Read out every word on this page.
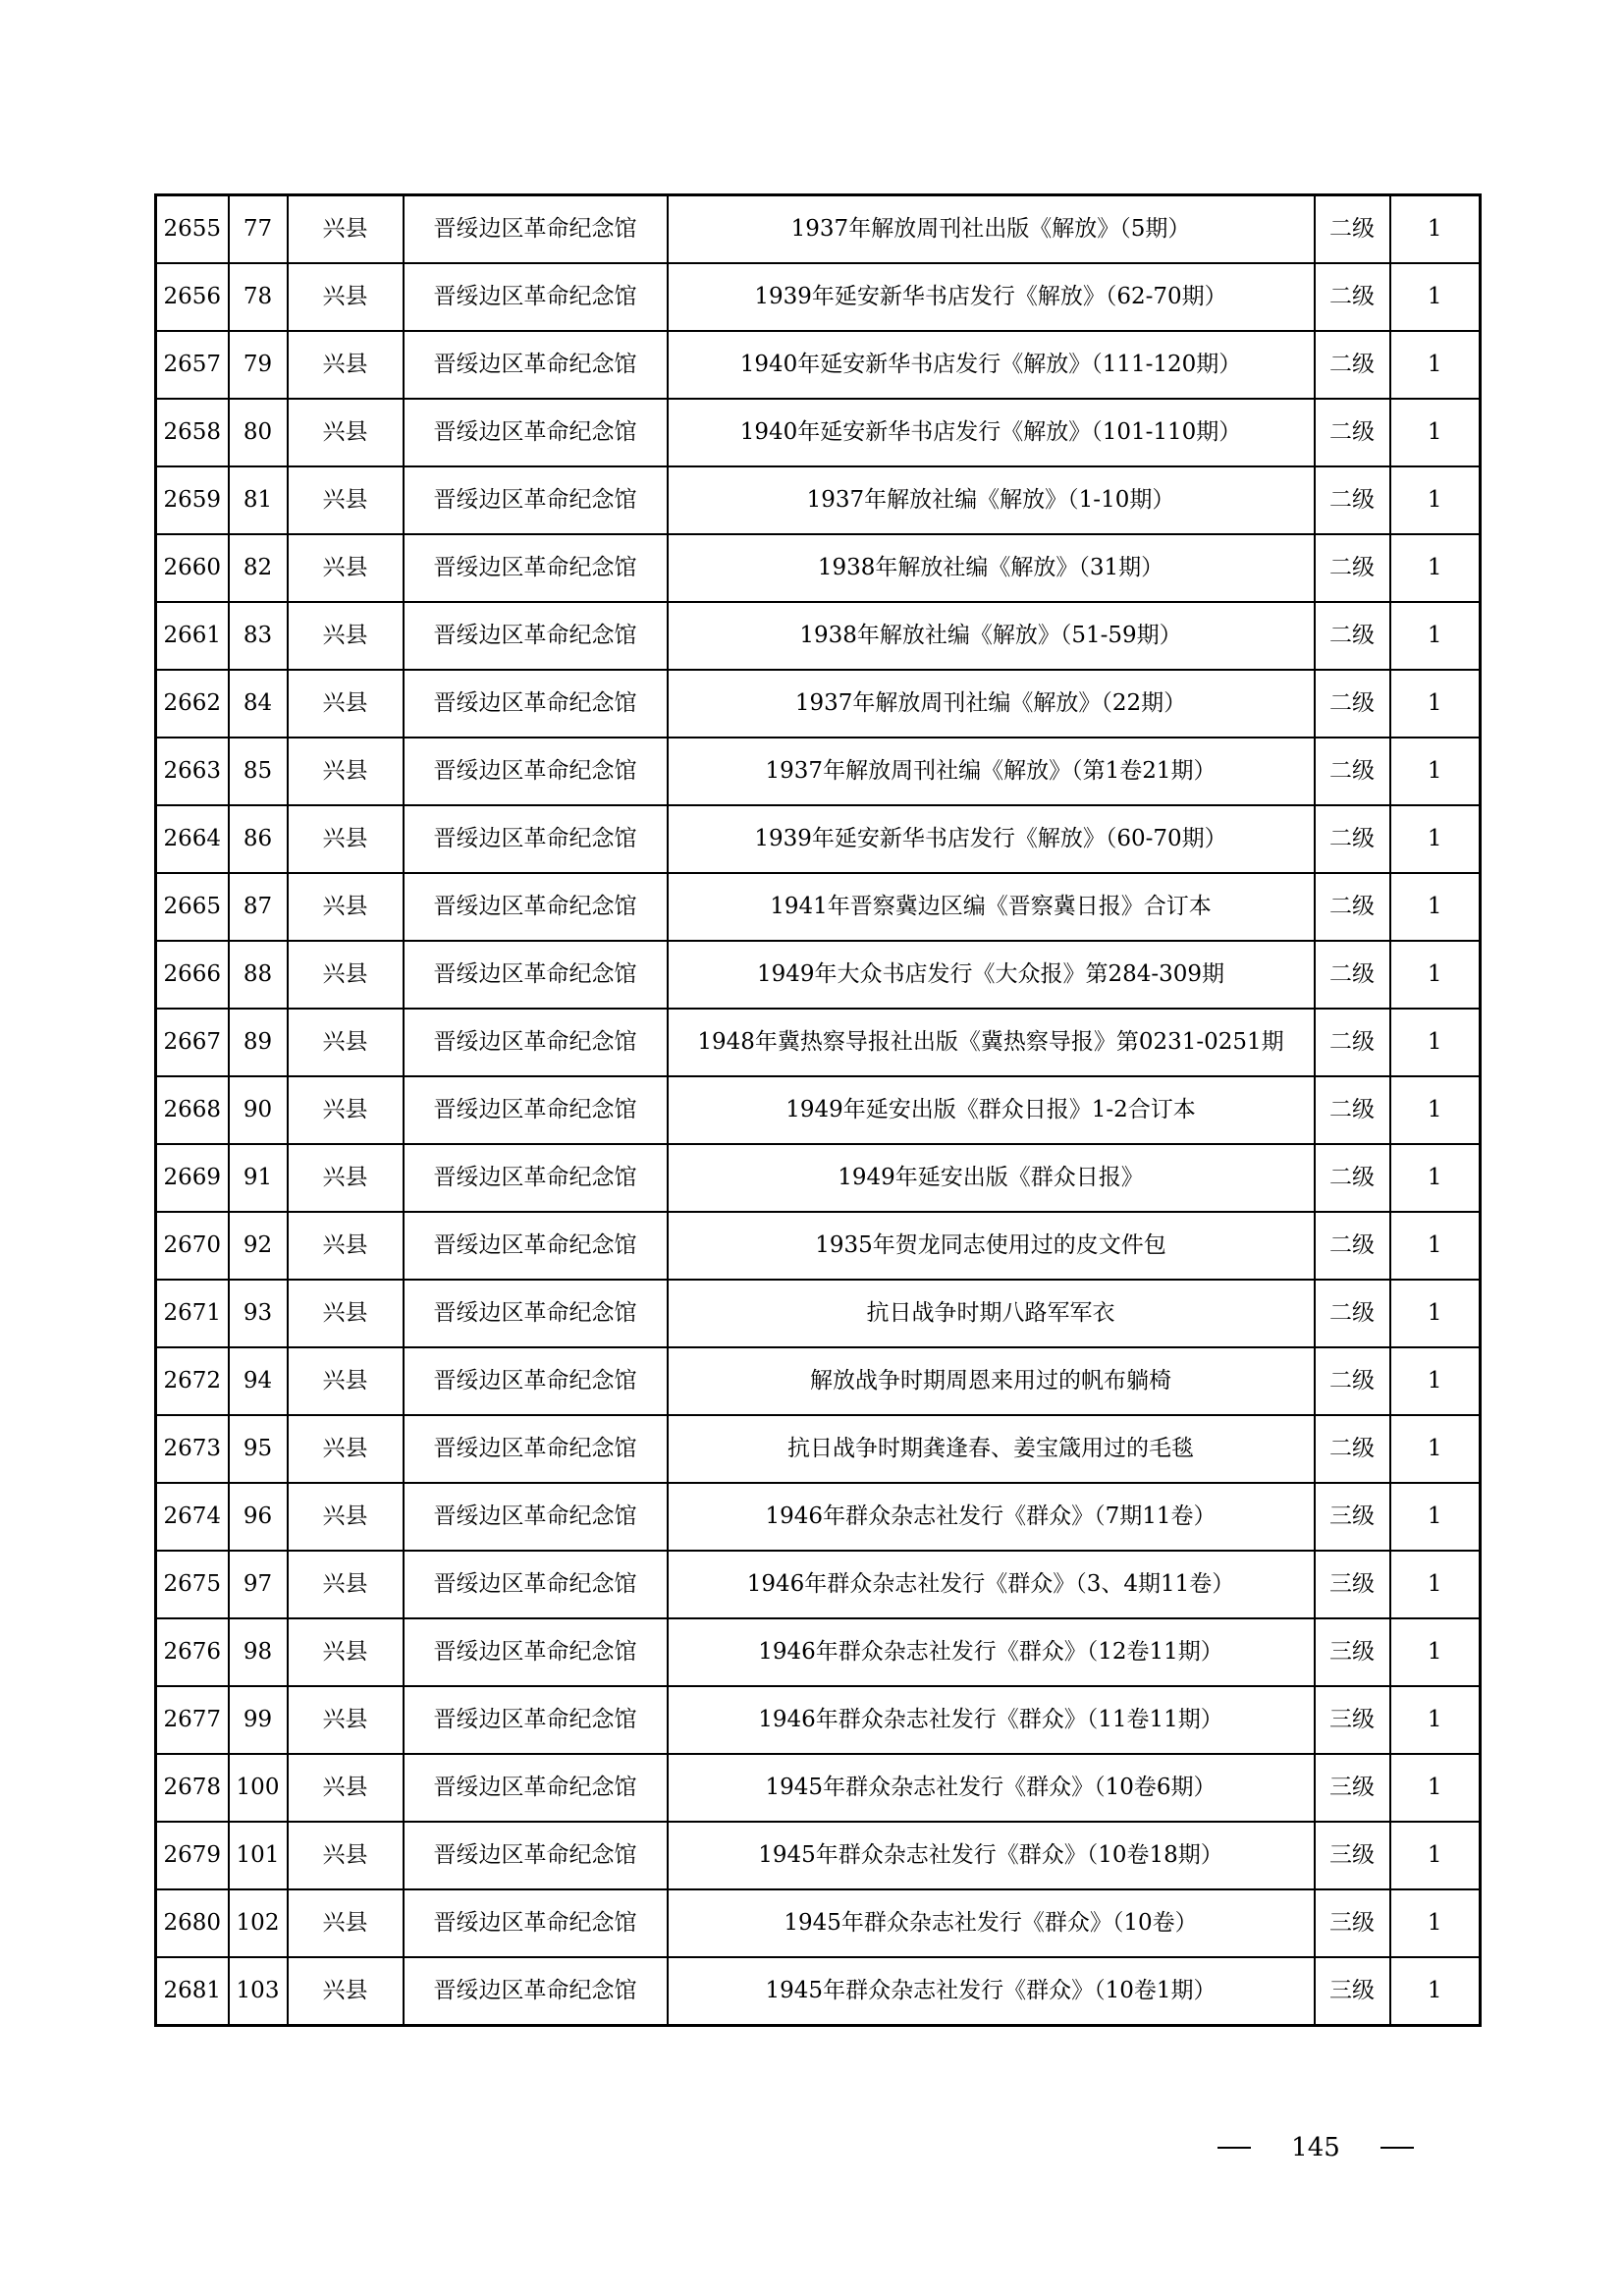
2655	77	兴县	晋绥边区革命纪念馆	1937年解放周刊社出版《解放》（5期）	二级	1
2656	78	兴县	晋绥边区革命纪念馆	1939年延安新华书店发行《解放》（62-70期）	二级	1
2657	79	兴县	晋绥边区革命纪念馆	1940年延安新华书店发行《解放》（111-120期）	二级	1
2658	80	兴县	晋绥边区革命纪念馆	1940年延安新华书店发行《解放》（101-110期）	二级	1
2659	81	兴县	晋绥边区革命纪念馆	1937年解放社编《解放》（1-10期）	二级	1
2660	82	兴县	晋绥边区革命纪念馆	1938年解放社编《解放》（31期）	二级	1
2661	83	兴县	晋绥边区革命纪念馆	1938年解放社编《解放》（51-59期）	二级	1
2662	84	兴县	晋绥边区革命纪念馆	1937年解放周刊社编《解放》（22期）	二级	1
2663	85	兴县	晋绥边区革命纪念馆	1937年解放周刊社编《解放》（第1卷21期）	二级	1
2664	86	兴县	晋绥边区革命纪念馆	1939年延安新华书店发行《解放》（60-70期）	二级	1
2665	87	兴县	晋绥边区革命纪念馆	1941年晋察冀边区编《晋察冀日报》合订本	二级	1
2666	88	兴县	晋绥边区革命纪念馆	1949年大众书店发行《大众报》第284-309期	二级	1
2667	89	兴县	晋绥边区革命纪念馆	1948年冀热察导报社出版《冀热察导报》第0231-0251期	二级	1
2668	90	兴县	晋绥边区革命纪念馆	1949年延安出版《群众日报》1-2合订本	二级	1
2669	91	兴县	晋绥边区革命纪念馆	1949年延安出版《群众日报》	二级	1
2670	92	兴县	晋绥边区革命纪念馆	1935年贺龙同志使用过的皮文件包	二级	1
2671	93	兴县	晋绥边区革命纪念馆	抗日战争时期八路军军衣	二级	1
2672	94	兴县	晋绥边区革命纪念馆	解放战争时期周恩来用过的帆布躺椅	二级	1
2673	95	兴县	晋绥边区革命纪念馆	抗日战争时期龚逢春、姜宝箴用过的毛毯	二级	1
2674	96	兴县	晋绥边区革命纪念馆	1946年群众杂志社发行《群众》（7期11卷）	三级	1
2675	97	兴县	晋绥边区革命纪念馆	1946年群众杂志社发行《群众》（3、4期11卷）	三级	1
2676	98	兴县	晋绥边区革命纪念馆	1946年群众杂志社发行《群众》（12卷11期）	三级	1
2677	99	兴县	晋绥边区革命纪念馆	1946年群众杂志社发行《群众》（11卷11期）	三级	1
2678	100	兴县	晋绥边区革命纪念馆	1945年群众杂志社发行《群众》（10卷6期）	三级	1
2679	101	兴县	晋绥边区革命纪念馆	1945年群众杂志社发行《群众》（10卷18期）	三级	1
2680	102	兴县	晋绥边区革命纪念馆	1945年群众杂志社发行《群众》（10卷）	三级	1
2681	103	兴县	晋绥边区革命纪念馆	1945年群众杂志社发行《群众》（10卷1期）	三级	1
145
